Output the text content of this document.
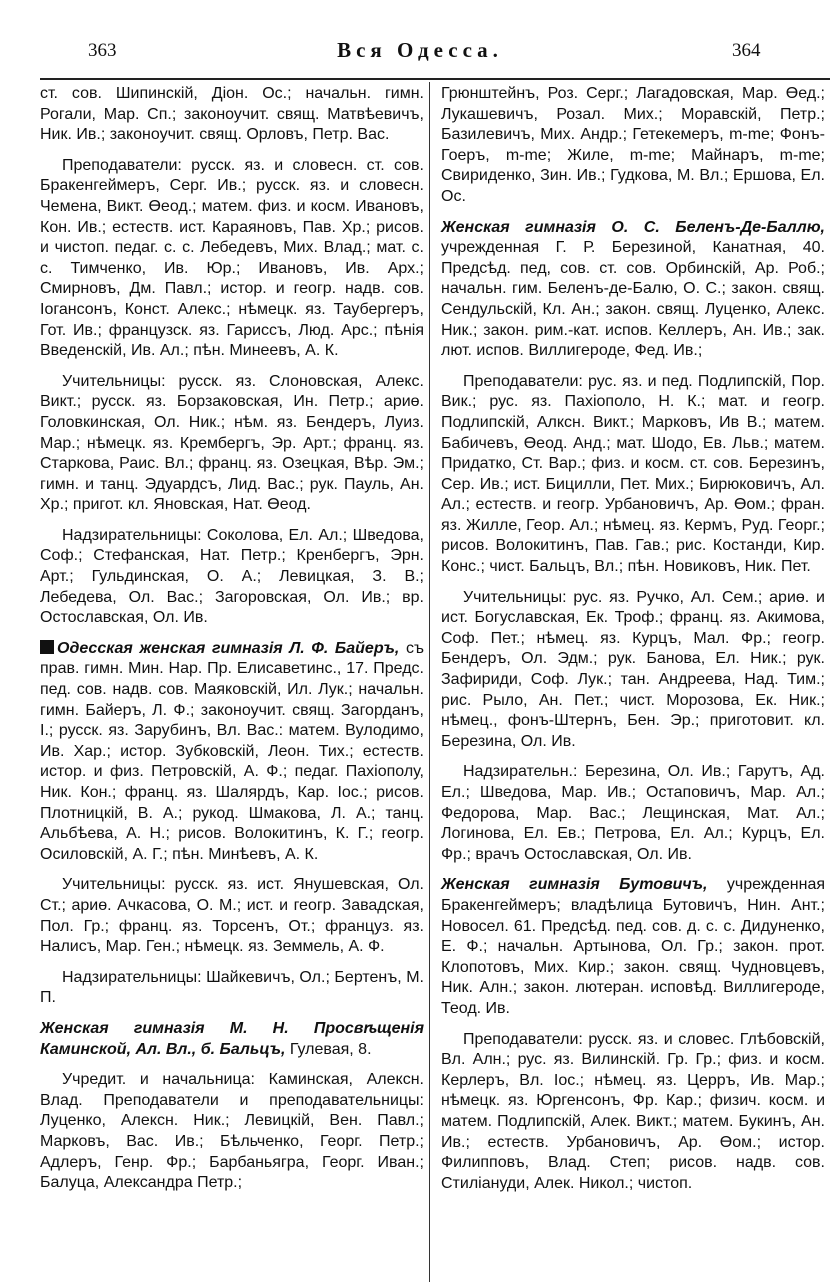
363	Вся Одесса.	364

ст. сов. Шипинскій, Діон. Ос.; начальн. гимн. Рогали, Мар. Сп.; законоучит. свящ. Матвѣевичъ, Ник. Ив.; законоучит. свящ. Орловъ, Петр. Вас.

Преподаватели: русск. яз. и словесн. ст. сов. Бракенгеймеръ, Серг. Ив.; русск. яз. и словесн. Чемена, Викт. Өеод.; матем. физ. и косм. Ивановъ, Кон. Ив.; естеств. ист. Караяновъ, Пав. Хр.; рисов. и чистоп. педаг. с. с. Лебедевъ, Мих. Влад.; мат. с. с. Тимченко, Ив. Юр.; Ивановъ, Ив. Арх.; Смирновъ, Дм. Павл.; истор. и геогр. надв. сов. Іогансонъ, Конст. Алекс.; нѣмецк. яз. Таубергеръ, Гот. Ив.; французск. яз. Гариссъ, Люд. Арс.; пѣнія Введенскій, Ив. Ал.; пѣн. Минеевъ, А. К.

Учительницы: русск. яз. Слоновская, Алекс. Викт.; русск. яз. Борзаковская, Ин. Петр.; ариө. Головкинская, Ол. Ник.; нѣм. яз. Бендеръ, Луиз. Мар.; нѣмецк. яз. Крембергъ, Эр. Арт.; франц. яз. Старкова, Раис. Вл.; франц. яз. Озецкая, Вѣр. Эм.; гимн. и танц. Эдуардсъ, Лид. Вас.; рук. Пауль, Ан. Хр.; пригот. кл. Яновская, Нат. Өеод.

Надзирательницы: Соколова, Ел. Ал.; Шведова, Соф.; Стефанская, Нат. Петр.; Кренбергъ, Эрн. Арт.; Гульдинская, О. А.; Левицкая, З. В.; Лебедева, Ол. Вас.; Загоровская, Ол. Ив.; вр. Остославская, Ол. Ив.

Одесская женская гимназія Л. Ф. Байеръ, съ прав. гимн. Мин. Нар. Пр. Елисаветинс., 17. Предс. пед. сов. надв. сов. Маяковскій, Ил. Лук.; начальн. гимн. Байеръ, Л. Ф.; законоучит. свящ. Загорданъ, І.; русск. яз. Зарубинъ, Вл. Вас.: матем. Вулодимо, Ив. Хар.; истор. Зубковскій, Леон. Тих.; естеств. истор. и физ. Петровскій, А. Ф.; педаг. Пахіополу, Ник. Кон.; франц. яз. Шалярдъ, Кар. Іос.; рисов. Плотницкій, В. А.; рукод. Шмакова, Л. А.; танц. Альбѣева, А. Н.; рисов. Волокитинъ, К. Г.; геогр. Осиловскій, А. Г.; пѣн. Минѣевъ, А. К.

Учительницы: русск. яз. ист. Янушевская, Ол. Ст.; ариө. Ачкасова, О. М.; ист. и геогр. Завадская, Пол. Гр.; франц. яз. Торсенъ, От.; француз. яз. Налисъ, Мар. Ген.; нѣмецк. яз. Земмель, А. Ф.

Надзирательницы: Шайкевичъ, Ол.; Бертенъ, М. П.

Женская гимназія М. Н. Просвѣщенія Каминской, Ал. Вл., б. Бальцъ, Гулевая, 8.

Учредит. и начальница: Каминская, Алексн. Влад. Преподаватели и преподавательницы: Луценко, Алексн. Ник.; Левицкій, Вен. Павл.; Марковъ, Вас. Ив.; Бѣльченко, Георг. Петр.; Адлеръ, Генр. Фр.; Барбаньягра, Георг. Иван.; Балуца, Александра Петр.;

Грюнштейнъ, Роз. Серг.; Лагадовская, Мар. Өед.; Лукашевичъ, Розал. Мих.; Моравскій, Петр.; Базилевичъ, Мих. Андр.; Гетекемеръ, m-me; Фонъ-Гоеръ, m-me; Жиле, m-me; Майнаръ, m-me; Свириденко, Зин. Ив.; Гудкова, М. Вл.; Ершова, Ел. Ос.

Женская гимназія О. С. Беленъ-Де-Баллю, учрежденная Г. Р. Березиной, Канатная, 40. Предсѣд. пед, сов. ст. сов. Орбинскій, Ар. Роб.; начальн. гим. Беленъ-де-Балю, О. С.; закон. свящ. Сендульскій, Кл. Ан.; закон. свящ. Луценко, Алекс. Ник.; закон. рим.-кат. испов. Келлеръ, Ан. Ив.; зак. лют. испов. Виллигероде, Фед. Ив.;

Преподаватели: рус. яз. и пед. Подлипскій, Пор. Вик.; рус. яз. Пахіополо, Н. К.; мат. и геогр. Подлипскій, Алксн. Викт.; Марковъ, Ив В.; матем. Бабичевъ, Өеод. Анд.; мат. Шодо, Ев. Льв.; матем. Придатко, Ст. Вар.; физ. и косм. ст. сов. Березинъ, Сер. Ив.; ист. Бицилли, Пет. Мих.; Бирюковичъ, Ал. Ал.; естеств. и геогр. Урбановичъ, Ар. Өом.; фран. яз. Жилле, Геор. Ал.; нѣмец. яз. Кермъ, Руд. Георг.; рисов. Волокитинъ, Пав. Гав.; рис. Костанди, Кир. Конс.; чист. Бальцъ, Вл.; пѣн. Новиковъ, Ник. Пет.

Учительницы: рус. яз. Ручко, Ал. Сем.; ариө. и ист. Богуславская, Ек. Троф.; франц. яз. Акимова, Соф. Пет.; нѣмец. яз. Курцъ, Мал. Фр.; геогр. Бендеръ, Ол. Эдм.; рук. Банова, Ел. Ник.; рук. Зафириди, Соф. Лук.; тан. Андреева, Над. Тим.; рис. Рыло, Ан. Пет.; чист. Морозова, Ек. Ник.; нѣмец., фонъ-Штернъ, Бен. Эр.; приготовит. кл. Березина, Ол. Ив.

Надзирательн.: Березина, Ол. Ив.; Гарутъ, Ад. Ел.; Шведова, Мар. Ив.; Остаповичъ, Мар. Ал.; Федорова, Мар. Вас.; Лещинская, Мат. Ал.; Логинова, Ел. Ев.; Петрова, Ел. Ал.; Курцъ, Ел. Фр.; врачъ Остославская, Ол. Ив.

Женская гимназія Бутовичъ, учрежденная Бракенгеймеръ; владѣлица Бутовичъ, Нин. Ант.; Новосел. 61. Предсѣд. пед. сов. д. с. с. Дидуненко, Е. Ф.; начальн. Артынова, Ол. Гр.; закон. прот. Клопотовъ, Мих. Кир.; закон. свящ. Чудновцевъ, Ник. Алн.; закон. лютеран. исповѣд. Виллигероде, Теод. Ив.

Преподаватели: русск. яз. и словес. Глѣбовскій, Вл. Алн.; рус. яз. Вилинскій. Гр. Гр.; физ. и косм. Керлеръ, Вл. Іос.; нѣмец. яз. Церръ, Ив. Мар.; нѣмецк. яз. Юргенсонъ, Фр. Кар.; физич. косм. и матем. Подлипскій, Алек. Викт.; матем. Букинъ, Ан. Ив.; естеств. Урбановичъ, Ар. Өом.; истор. Филипповъ, Влад. Степ; рисов. надв. сов. Стиліануди, Алек. Никол.; чистоп.
